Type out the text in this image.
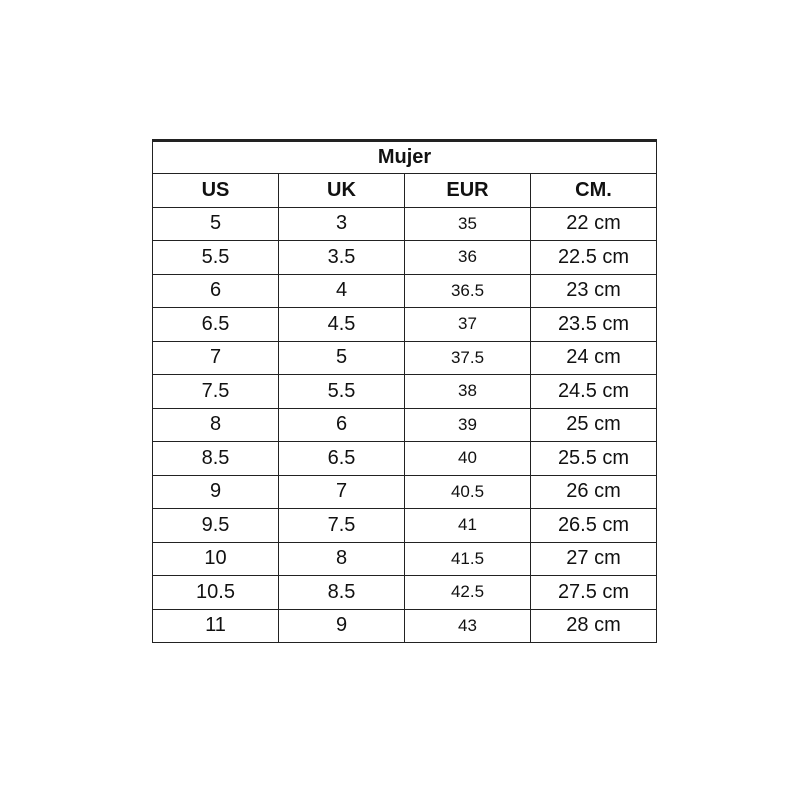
Mujer			
US	UK	EUR	CM.
5	3	35	22 cm
5.5	3.5	36	22.5 cm
6	4	36.5	23 cm
6.5	4.5	37	23.5 cm
7	5	37.5	24 cm
7.5	5.5	38	24.5 cm
8	6	39	25 cm
8.5	6.5	40	25.5 cm
9	7	40.5	26 cm
9.5	7.5	41	26.5 cm
10	8	41.5	27 cm
10.5	8.5	42.5	27.5 cm
11	9	43	28 cm
